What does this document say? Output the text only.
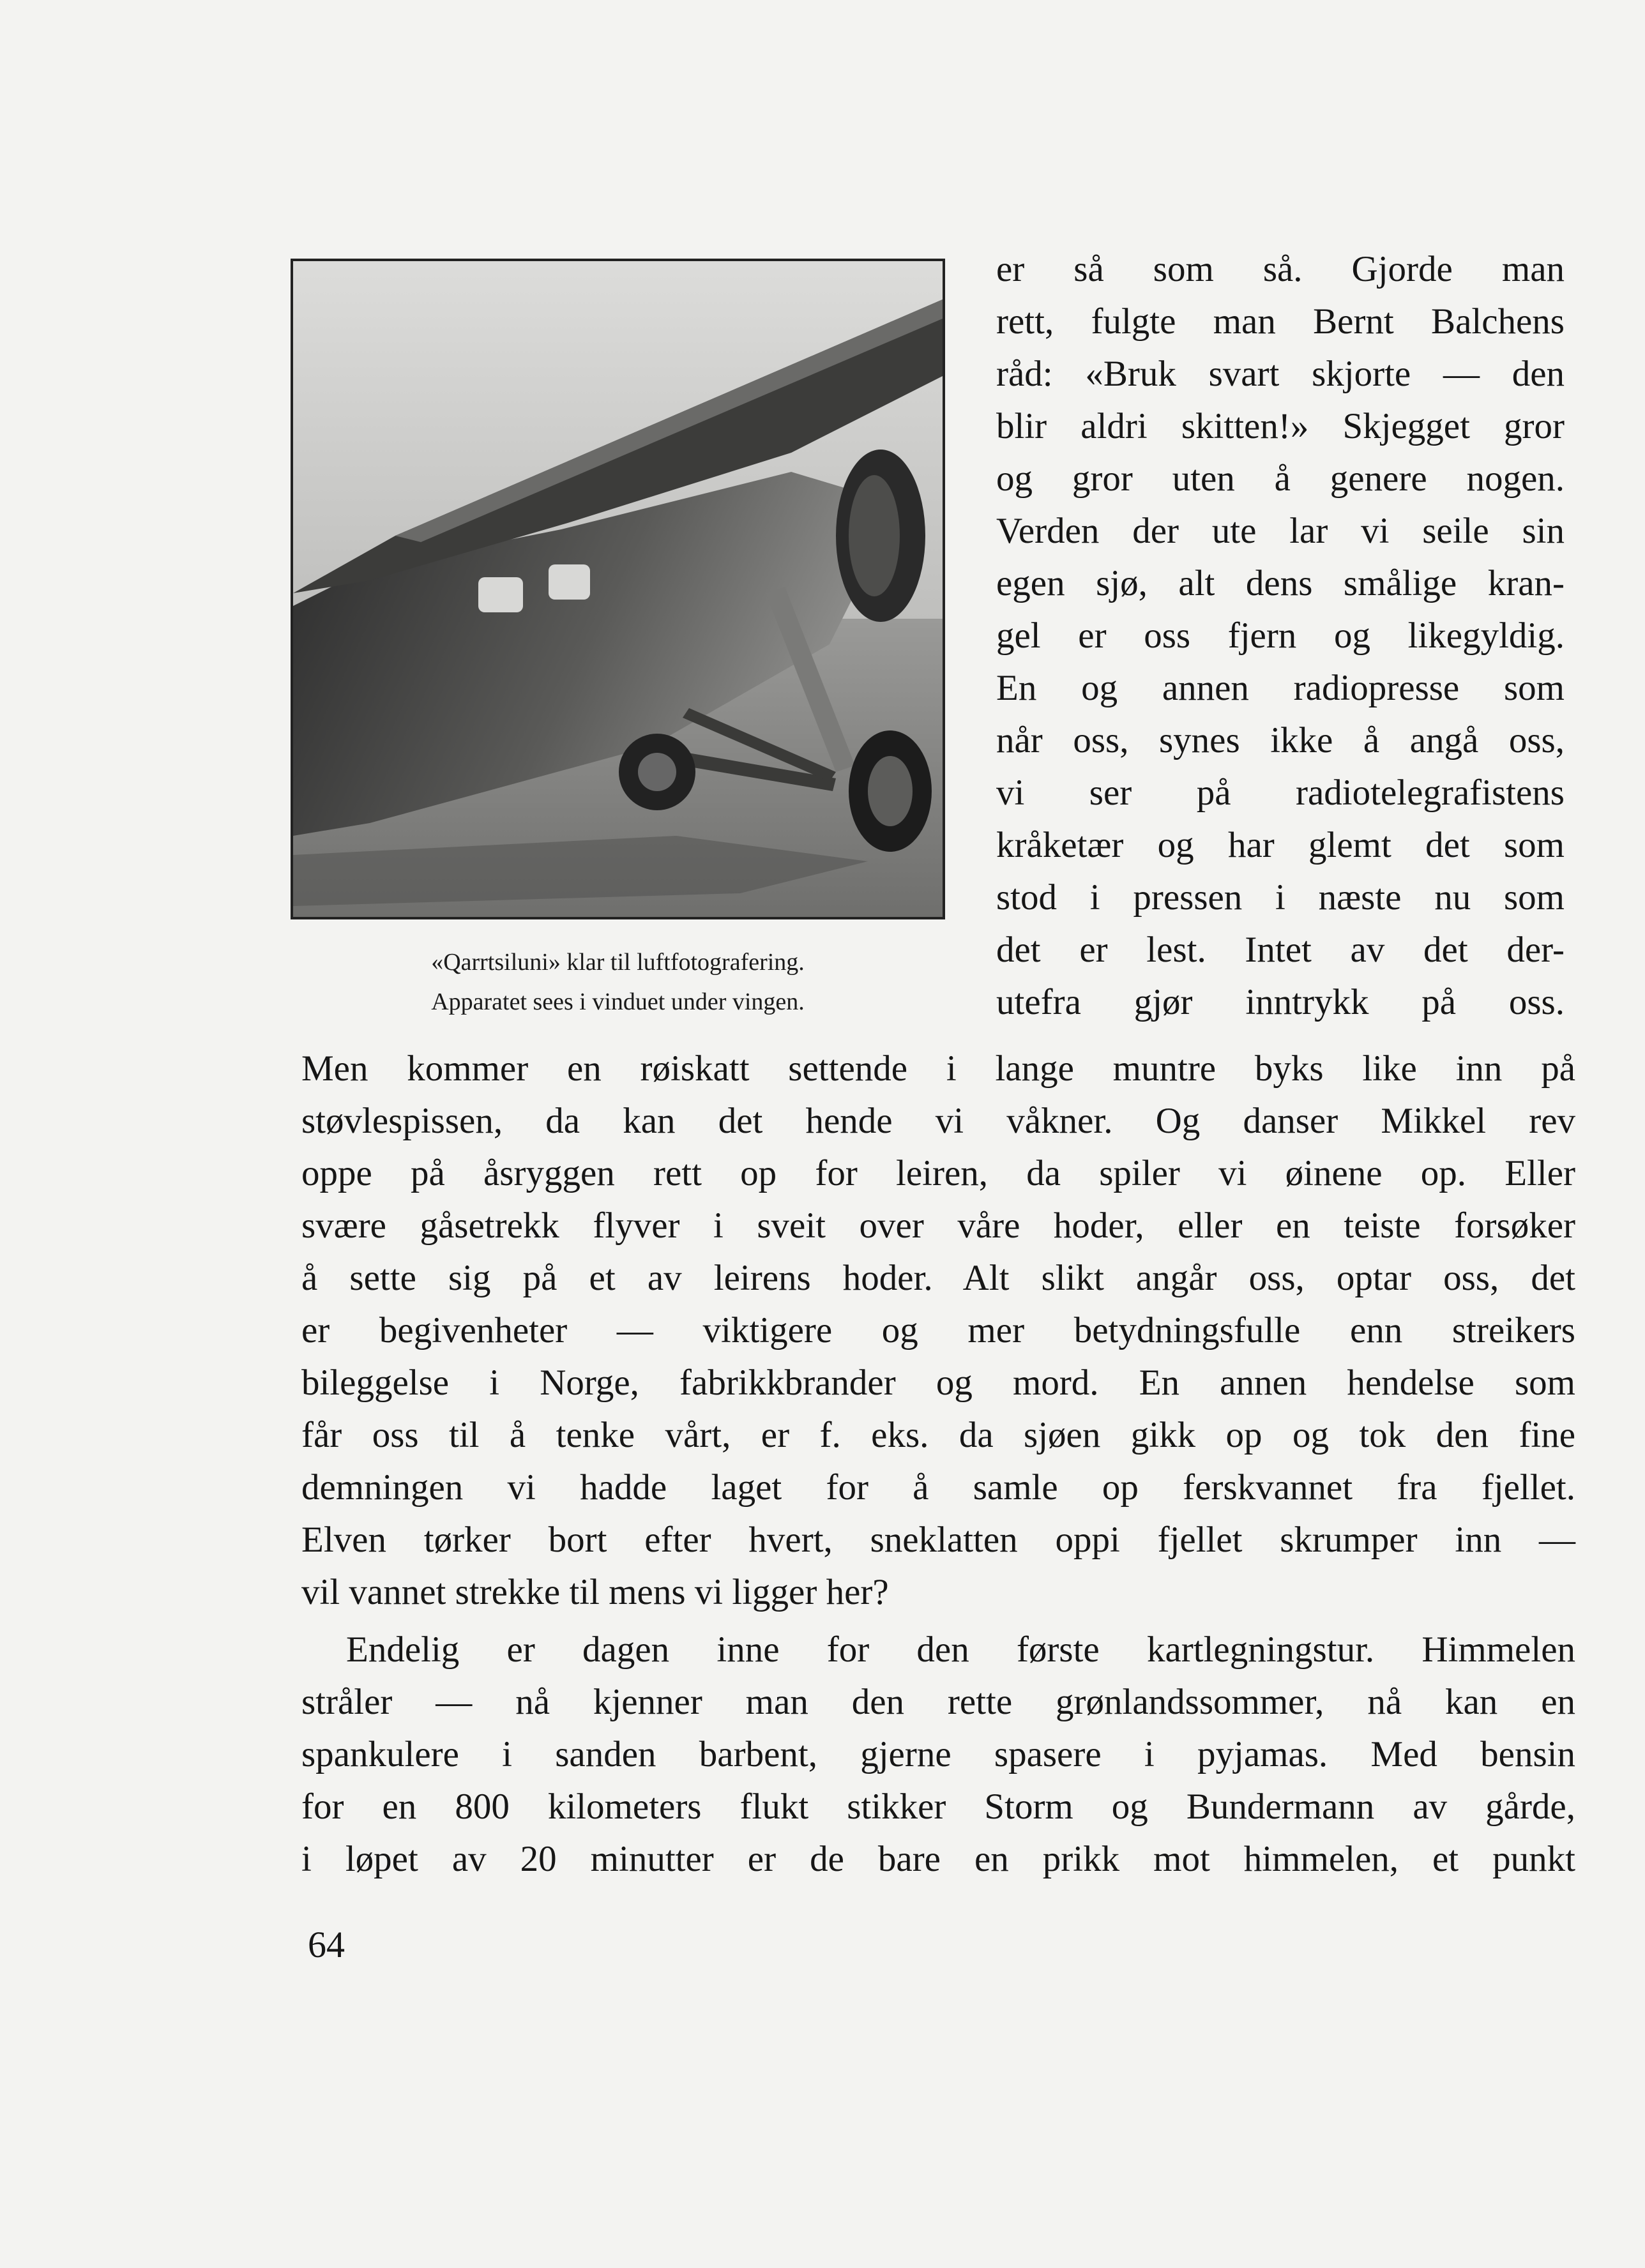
«Qarrtsiluni» klar til luftfotografering.
Apparatet sees i vinduet under vingen.
er så som så. Gjorde man
rett, fulgte man Bernt Balchens
råd: «Bruk svart skjorte — den
blir aldri skitten!» Skjegget gror
og gror uten å genere nogen.
Verden der ute lar vi seile sin
egen sjø, alt dens smålige kran-
gel er oss fjern og likegyldig.
En og annen radiopresse som
når oss, synes ikke å angå oss,
vi ser på radiotelegrafistens
kråketær og har glemt det som
stod i pressen i næste nu som
det er lest. Intet av det der-
utefra gjør inntrykk på oss.
Men kommer en røiskatt settende i lange muntre byks like inn på
støvlespissen, da kan det hende vi våkner. Og danser Mikkel rev
oppe på åsryggen rett op for leiren, da spiler vi øinene op. Eller
svære gåsetrekk flyver i sveit over våre hoder, eller en teiste forsøker
å sette sig på et av leirens hoder. Alt slikt angår oss, optar oss, det
er begivenheter — viktigere og mer betydningsfulle enn streikers
bileggelse i Norge, fabrikkbrander og mord. En annen hendelse som
får oss til å tenke vårt, er f. eks. da sjøen gikk op og tok den fine
demningen vi hadde laget for å samle op ferskvannet fra fjellet.
Elven tørker bort efter hvert, sneklatten oppi fjellet skrumper inn —
vil vannet strekke til mens vi ligger her?
Endelig er dagen inne for den første kartlegningstur. Himmelen
stråler — nå kjenner man den rette grønlandssommer, nå kan en
spankulere i sanden barbent, gjerne spasere i pyjamas. Med bensin
for en 800 kilometers flukt stikker Storm og Bundermann av gårde,
i løpet av 20 minutter er de bare en prikk mot himmelen, et punkt
64
